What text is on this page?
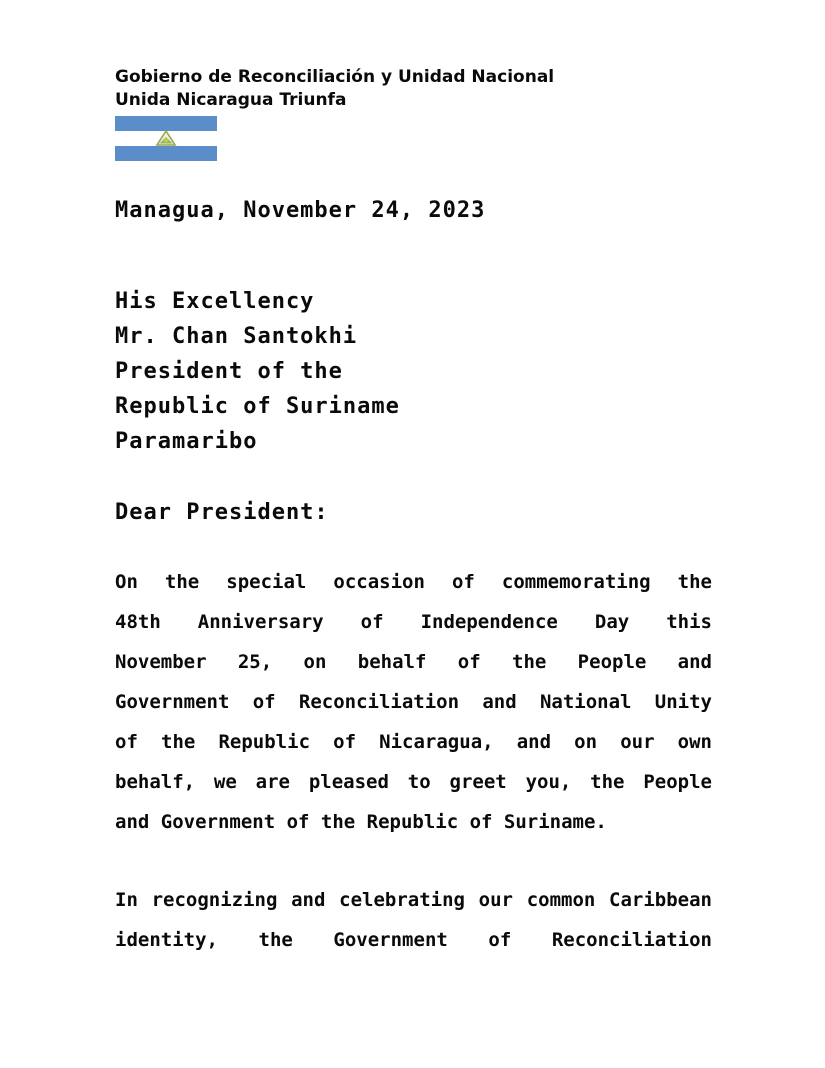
Gobierno de Reconciliación y Unidad Nacional
Unida Nicaragua Triunfa
Managua, November 24, 2023
His Excellency
Mr. Chan Santokhi
President of the
Republic of Suriname
Paramaribo
Dear President:
On the special occasion of commemorating the
48th Anniversary of Independence Day this
November 25, on behalf of the People and
Government of Reconciliation and National Unity
of the Republic of Nicaragua, and on our own
behalf, we are pleased to greet you, the People
and Government of the Republic of Suriname.
In recognizing and celebrating our common Caribbean
identity, the Government of Reconciliation
